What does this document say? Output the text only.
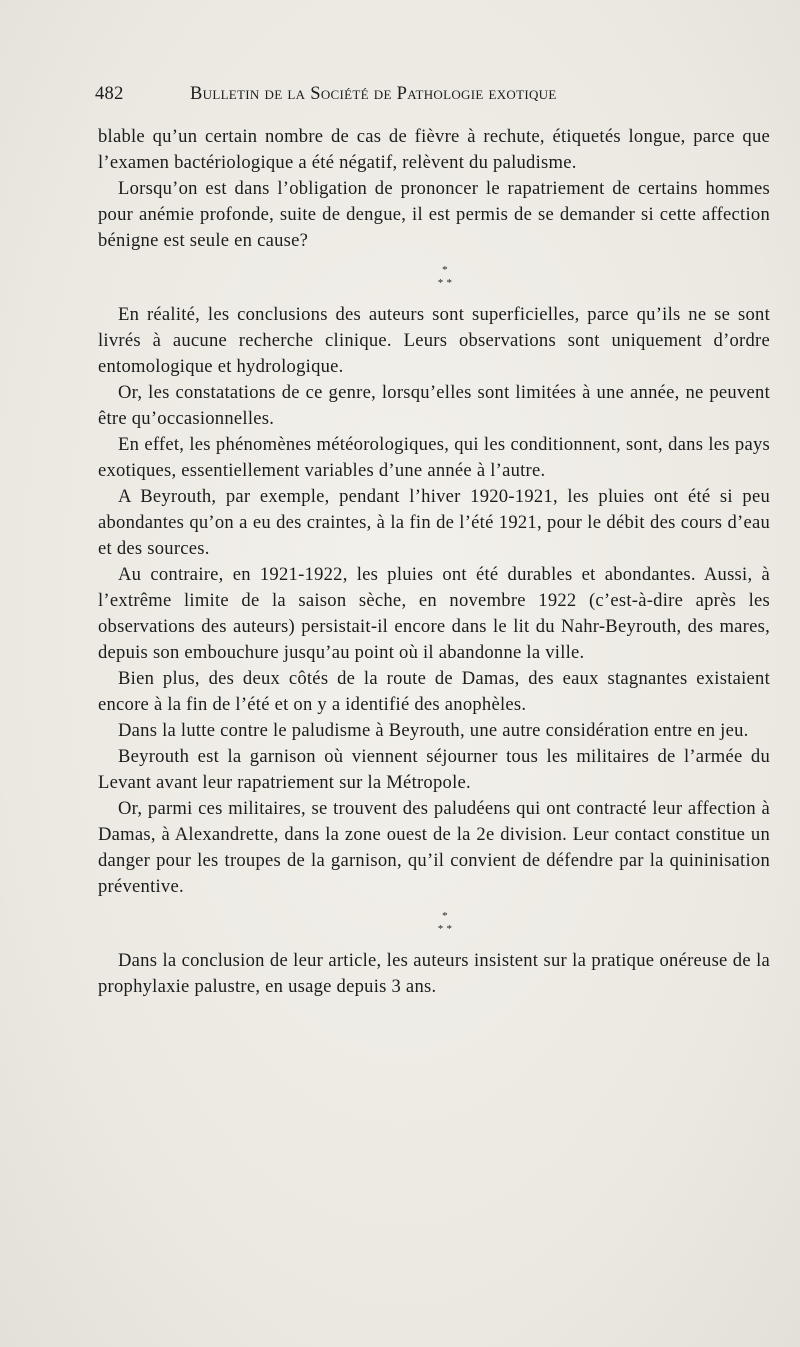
482	Bulletin de la Société de Pathologie exotique

blable qu’un certain nombre de cas de fièvre à rechute, étiquetés longue, parce que l’examen bactériologique a été négatif, relèvent du paludisme.

Lorsqu’on est dans l’obligation de prononcer le rapatriement de certains hommes pour anémie profonde, suite de dengue, il est permis de se demander si cette affection bénigne est seule en cause?

*
* *

En réalité, les conclusions des auteurs sont superficielles, parce qu’ils ne se sont livrés à aucune recherche clinique. Leurs observations sont uniquement d’ordre entomologique et hydrologique.

Or, les constatations de ce genre, lorsqu’elles sont limitées à une année, ne peuvent être qu’occasionnelles.

En effet, les phénomènes météorologiques, qui les conditionnent, sont, dans les pays exotiques, essentiellement variables d’une année à l’autre.

A Beyrouth, par exemple, pendant l’hiver 1920-1921, les pluies ont été si peu abondantes qu’on a eu des craintes, à la fin de l’été 1921, pour le débit des cours d’eau et des sources.

Au contraire, en 1921-1922, les pluies ont été durables et abondantes. Aussi, à l’extrême limite de la saison sèche, en novembre 1922 (c’est-à-dire après les observations des auteurs) persistait-il encore dans le lit du Nahr-Beyrouth, des mares, depuis son embouchure jusqu’au point où il abandonne la ville.

Bien plus, des deux côtés de la route de Damas, des eaux stagnantes existaient encore à la fin de l’été et on y a identifié des anophèles.

Dans la lutte contre le paludisme à Beyrouth, une autre considération entre en jeu.

Beyrouth est la garnison où viennent séjourner tous les militaires de l’armée du Levant avant leur rapatriement sur la Métropole.

Or, parmi ces militaires, se trouvent des paludéens qui ont contracté leur affection à Damas, à Alexandrette, dans la zone ouest de la 2e division. Leur contact constitue un danger pour les troupes de la garnison, qu’il convient de défendre par la quininisation préventive.

*
* *

Dans la conclusion de leur article, les auteurs insistent sur la pratique onéreuse de la prophylaxie palustre, en usage depuis 3 ans.
